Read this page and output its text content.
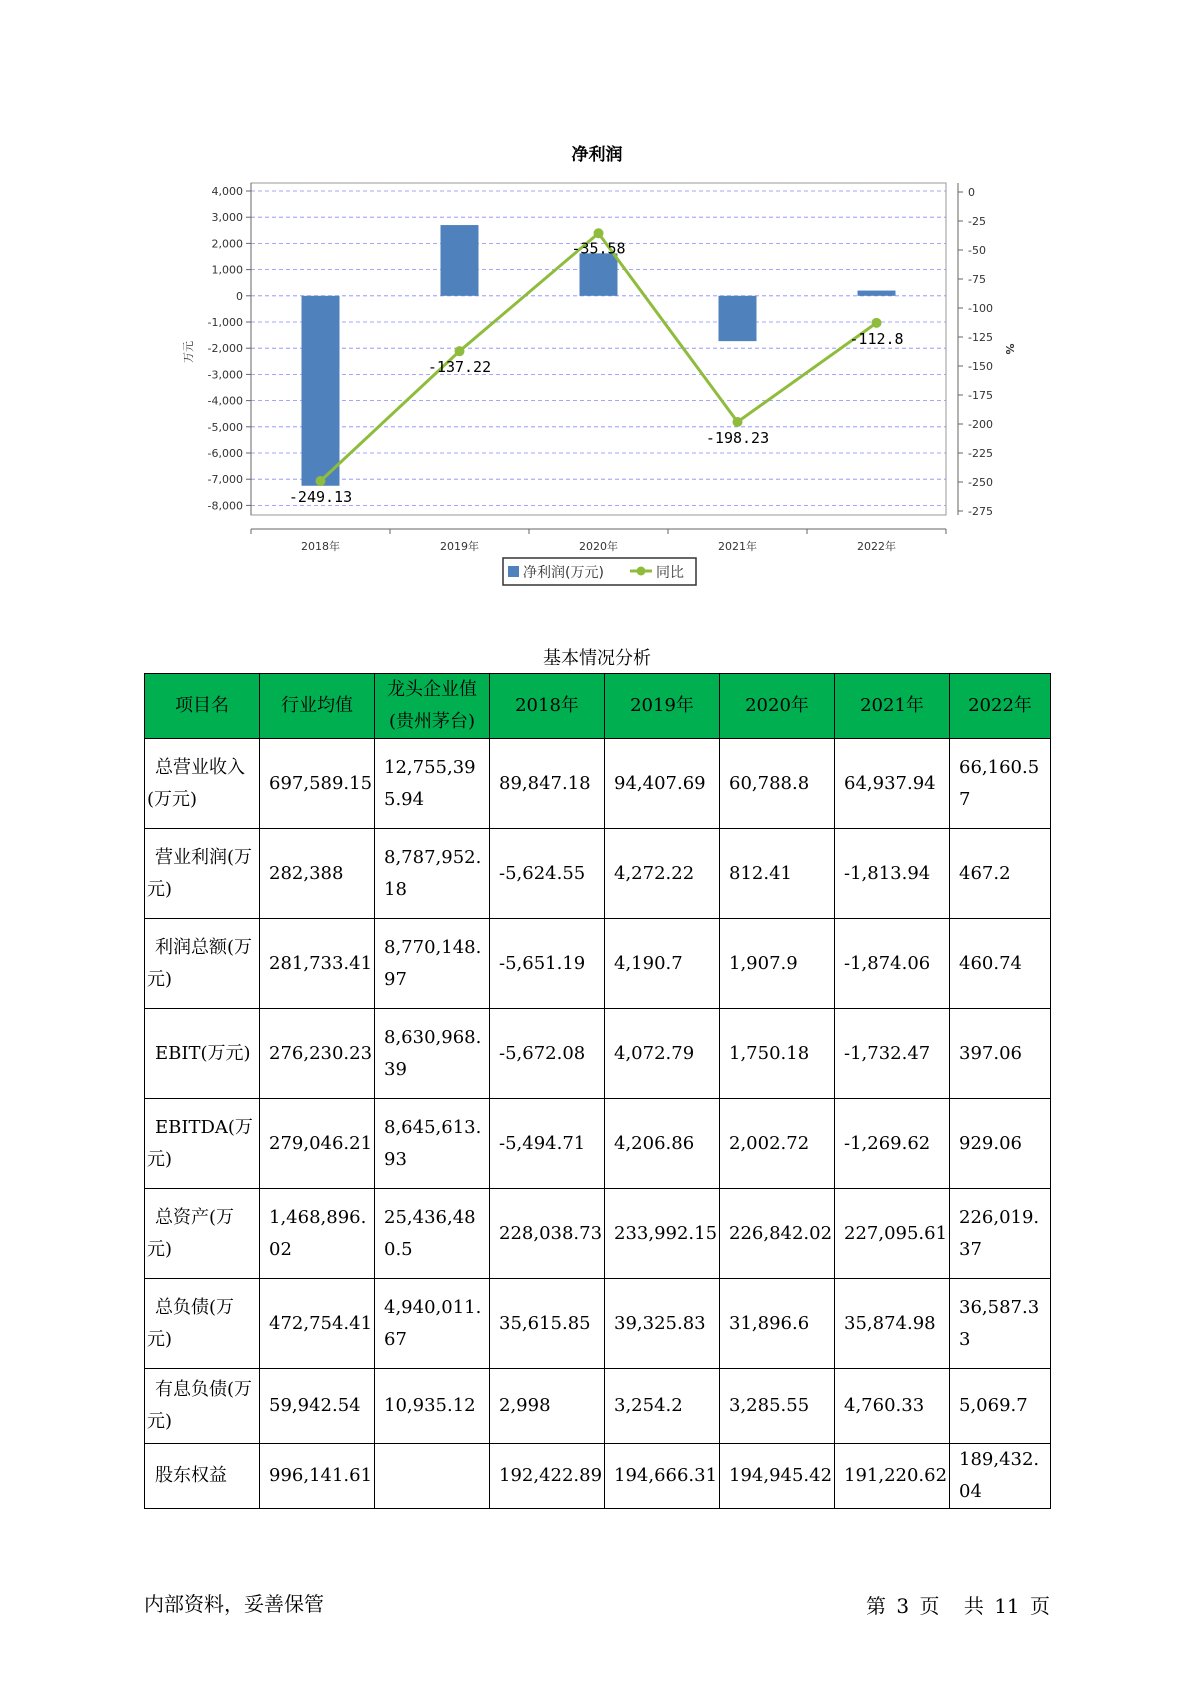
净利润
4,000
3,000
2,000
1,000
0
-1,000
-2,000
-3,000
-4,000
-5,000
-6,000
-7,000
-8,000
0
-25
-50
-75
-100
-125
-150
-175
-200
-225
-250
-275
-249.13
-137.22
-35.58
-198.23
-112.8
2018年	2019年	2020年	2021年	2022年
万元	%
净利润(万元)	同比
基本情况分析
项目名	行业均值	龙头企业值(贵州茅台)	2018年	2019年	2020年	2021年	2022年
总营业收入(万元)	697,589.15	12,755,395.94	89,847.18	94,407.69	60,788.8	64,937.94	66,160.57
营业利润(万元)	282,388	8,787,952.18	-5,624.55	4,272.22	812.41	-1,813.94	467.2
利润总额(万元)	281,733.41	8,770,148.97	-5,651.19	4,190.7	1,907.9	-1,874.06	460.74
EBIT(万元)	276,230.23	8,630,968.39	-5,672.08	4,072.79	1,750.18	-1,732.47	397.06
EBITDA(万元)	279,046.21	8,645,613.93	-5,494.71	4,206.86	2,002.72	-1,269.62	929.06
总资产(万元)	1,468,896.02	25,436,480.5	228,038.73	233,992.15	226,842.02	227,095.61	226,019.37
总负债(万元)	472,754.41	4,940,011.67	35,615.85	39,325.83	31,896.6	35,874.98	36,587.33
有息负债(万元)	59,942.54	10,935.12	2,998	3,254.2	3,285.55	4,760.33	5,069.7
股东权益	996,141.61		192,422.89	194,666.31	194,945.42	191,220.62	189,432.04
内部资料，妥善保管	第 3 页 共 11 页
